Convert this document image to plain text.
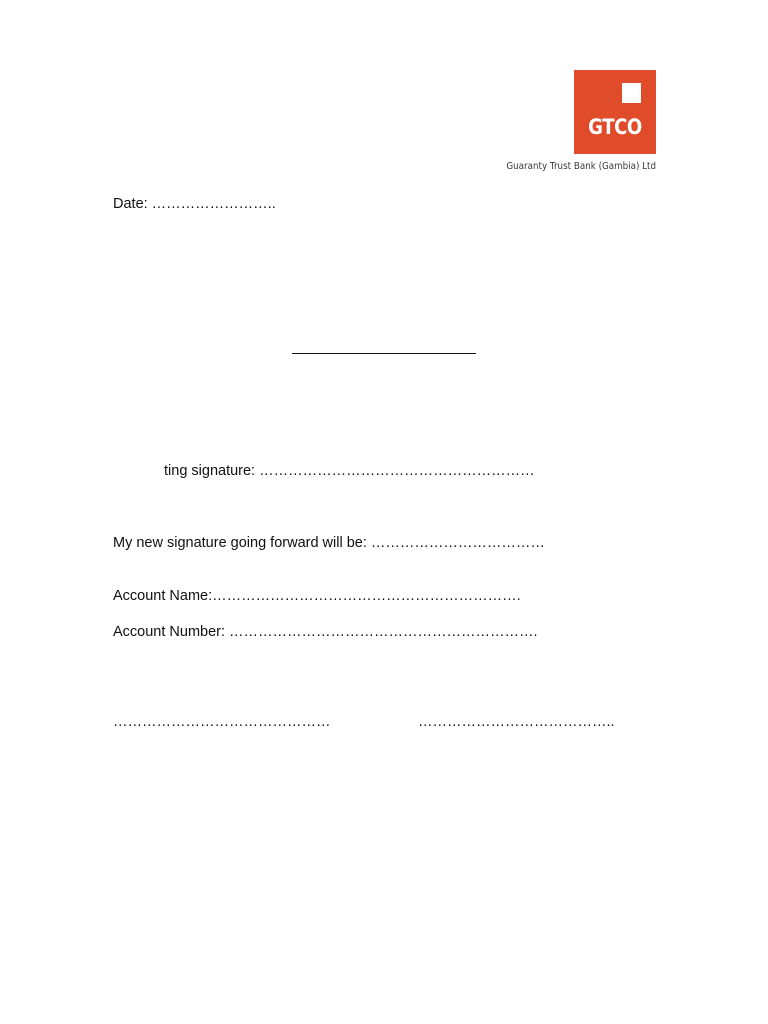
GTCO
Guaranty Trust Bank (Gambia) Ltd
Date: ……………………..
ting signature: …………………………………………………
My new signature going forward will be: ………………………………
Account Name:……………………………………………………….
Account Number: ……………………………………………………….
………………………………………	…………………………………..
